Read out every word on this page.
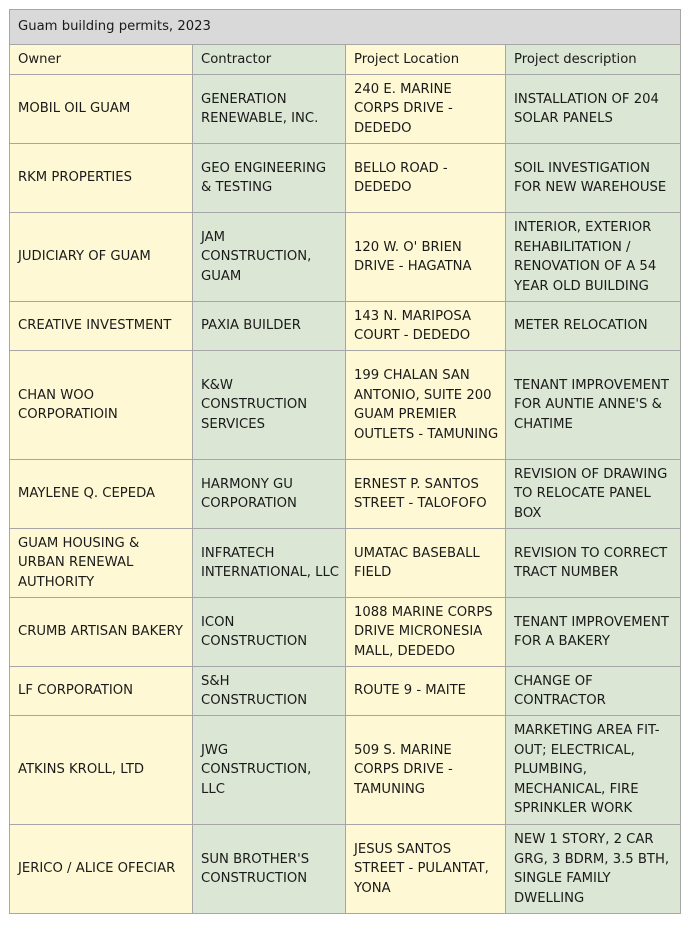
Guam building permits, 2023			
Owner	Contractor	Project Location	Project description
MOBIL OIL GUAM	GENERATION RENEWABLE, INC.	240 E. MARINE CORPS DRIVE - DEDEDO	INSTALLATION OF 204 SOLAR PANELS
RKM PROPERTIES	GEO ENGINEERING & TESTING	BELLO ROAD - DEDEDO	SOIL INVESTIGATION FOR NEW WAREHOUSE
JUDICIARY OF GUAM	JAM CONSTRUCTION, GUAM	120 W. O' BRIEN DRIVE - HAGATNA	INTERIOR, EXTERIOR REHABILITATION / RENOVATION OF A 54 YEAR OLD BUILDING
CREATIVE INVESTMENT	PAXIA BUILDER	143 N. MARIPOSA COURT - DEDEDO	METER RELOCATION
CHAN WOO CORPORATIOIN	K&W CONSTRUCTION SERVICES	199 CHALAN SAN ANTONIO, SUITE 200 GUAM PREMIER OUTLETS - TAMUNING	TENANT IMPROVEMENT FOR AUNTIE ANNE'S & CHATIME
MAYLENE Q. CEPEDA	HARMONY GU CORPORATION	ERNEST P. SANTOS STREET - TALOFOFO	REVISION OF DRAWING TO RELOCATE PANEL BOX
GUAM HOUSING & URBAN RENEWAL AUTHORITY	INFRATECH INTERNATIONAL, LLC	UMATAC BASEBALL FIELD	REVISION TO CORRECT TRACT NUMBER
CRUMB ARTISAN BAKERY	ICON CONSTRUCTION	1088 MARINE CORPS DRIVE MICRONESIA MALL, DEDEDO	TENANT IMPROVEMENT FOR A BAKERY
LF CORPORATION	S&H CONSTRUCTION	ROUTE 9 - MAITE	CHANGE OF CONTRACTOR
ATKINS KROLL, LTD	JWG CONSTRUCTION, LLC	509 S. MARINE CORPS DRIVE - TAMUNING	MARKETING AREA FIT-OUT; ELECTRICAL, PLUMBING, MECHANICAL, FIRE SPRINKLER WORK
JERICO / ALICE OFECIAR	SUN BROTHER'S CONSTRUCTION	JESUS SANTOS STREET - PULANTAT, YONA	NEW 1 STORY, 2 CAR GRG, 3 BDRM, 3.5 BTH, SINGLE FAMILY DWELLING
